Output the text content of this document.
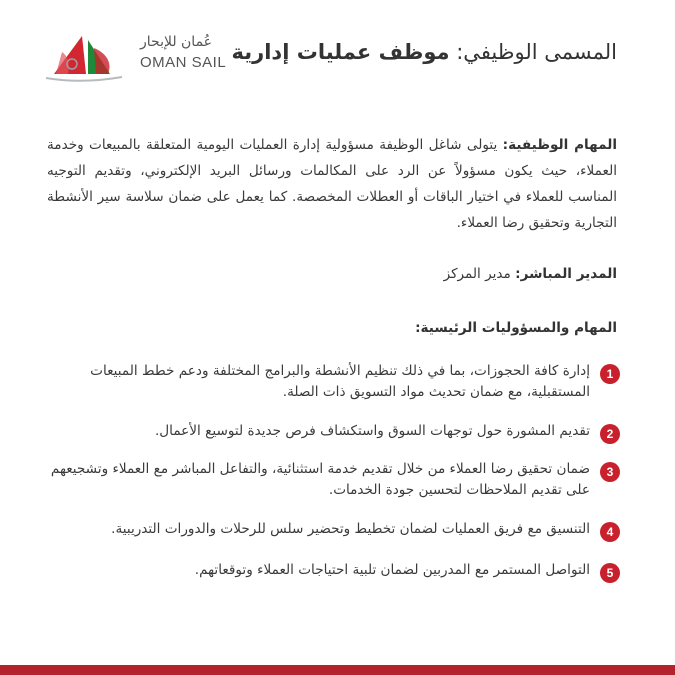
عُمان للإبحار
OMAN SAIL	المسمى الوظيفي: موظف عمليات إدارية
المهام الوظيفية: يتولى شاغل الوظيفة مسؤولية إدارة العمليات اليومية المتعلقة بالمبيعات وخدمة العملاء، حيث يكون مسؤولاً عن الرد على المكالمات ورسائل البريد الإلكتروني، وتقديم التوجيه المناسب للعملاء في اختيار الباقات أو العطلات المخصصة. كما يعمل على ضمان سلاسة سير الأنشطة التجارية وتحقيق رضا العملاء.
المدير المباشر: مدير المركز
المهام والمسؤوليات الرئيسية:
1
إدارة كافة الحجوزات، بما في ذلك تنظيم الأنشطة والبرامج المختلفة ودعم خطط المبيعات المستقبلية، مع ضمان تحديث مواد التسويق ذات الصلة.
2
تقديم المشورة حول توجهات السوق واستكشاف فرص جديدة لتوسيع الأعمال.
3
ضمان تحقيق رضا العملاء من خلال تقديم خدمة استثنائية، والتفاعل المباشر مع العملاء وتشجيعهم على تقديم الملاحظات لتحسين جودة الخدمات.
4
التنسيق مع فريق العمليات لضمان تخطيط وتحضير سلس للرحلات والدورات التدريبية.
5
التواصل المستمر مع المدربين لضمان تلبية احتياجات العملاء وتوقعاتهم.
